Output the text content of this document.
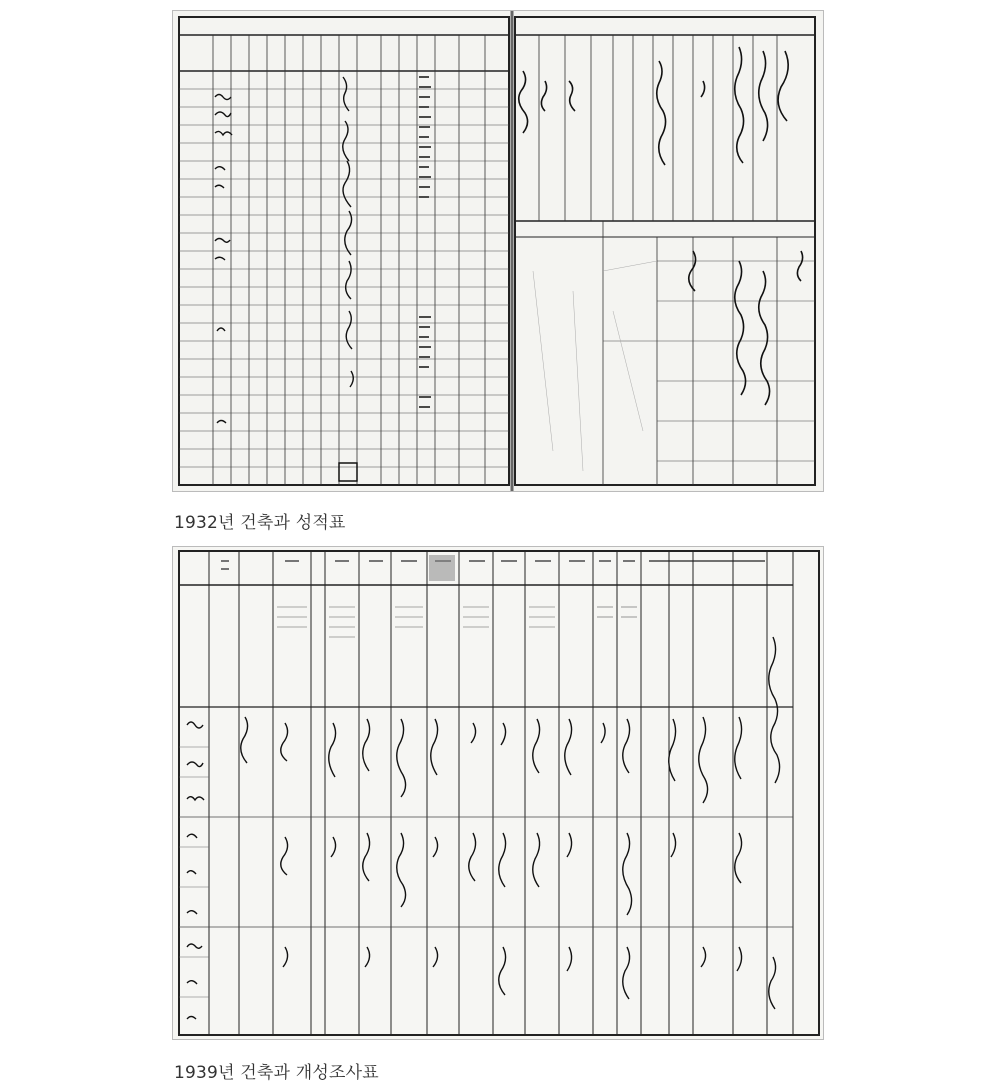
1932년 건축과 성적표
1939년 건축과 개성조사표
